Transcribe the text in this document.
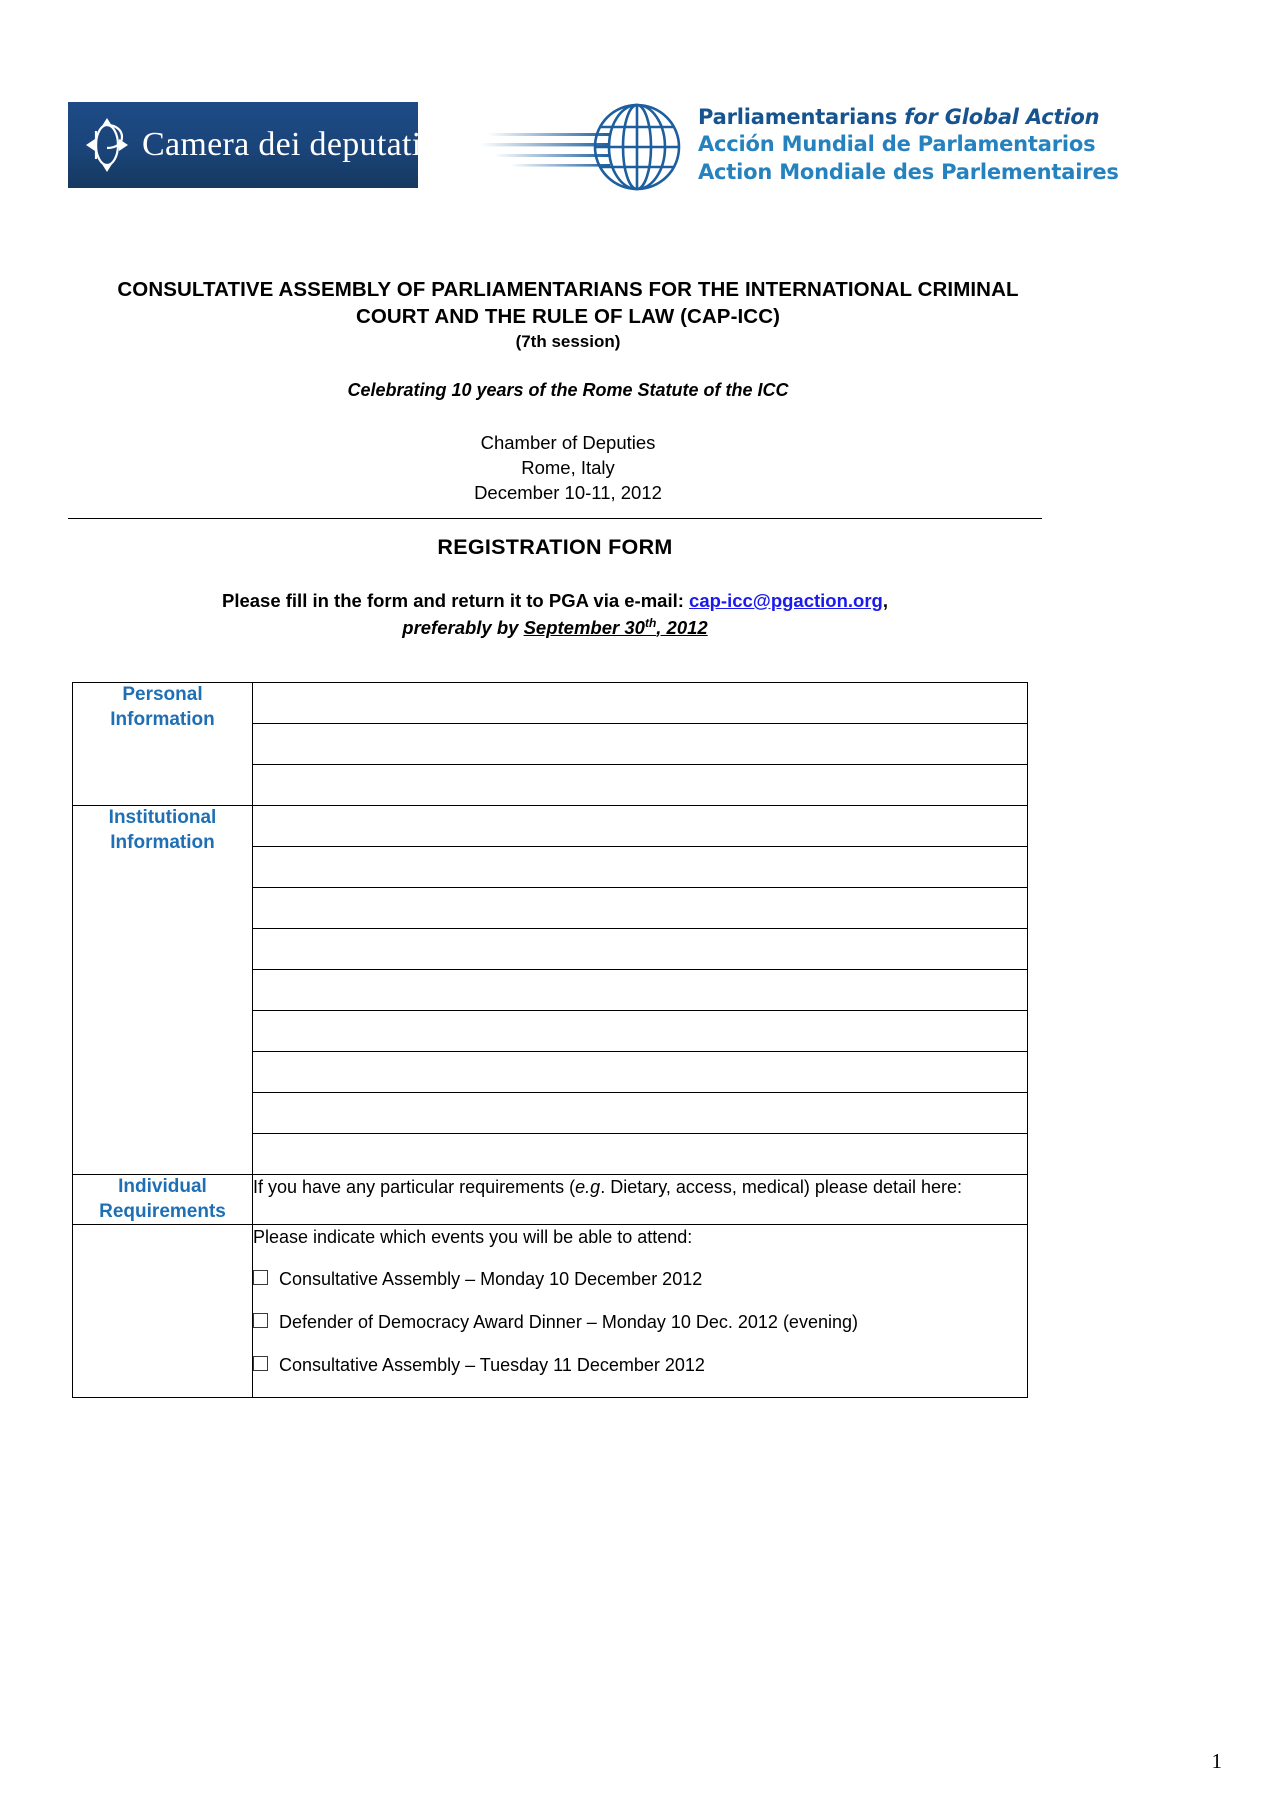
Camera dei deputati
Parliamentarians for Global Action
Acción Mundial de Parlamentarios
Action Mondiale des Parlementaires
CONSULTATIVE ASSEMBLY OF PARLIAMENTARIANS FOR THE INTERNATIONAL CRIMINAL
COURT AND THE RULE OF LAW (CAP-ICC)
(7th session)
Celebrating 10 years of the Rome Statute of the ICC
Chamber of Deputies
Rome, Italy
December 10-11, 2012
REGISTRATION FORM
Please fill in the form and return it to PGA via e-mail: cap-icc@pgaction.org,
preferably by September 30th, 2012
Personal
Information	

Institutional
Information	

Individual
Requirements	If you have any particular requirements (e.g. Dietary, access, medical) please detail here:

	Please indicate which events you will be able to attend:
Consultative Assembly – Monday 10 December 2012
Defender of Democracy Award Dinner – Monday 10 Dec. 2012 (evening)
Consultative Assembly – Tuesday 11 December 2012
1
